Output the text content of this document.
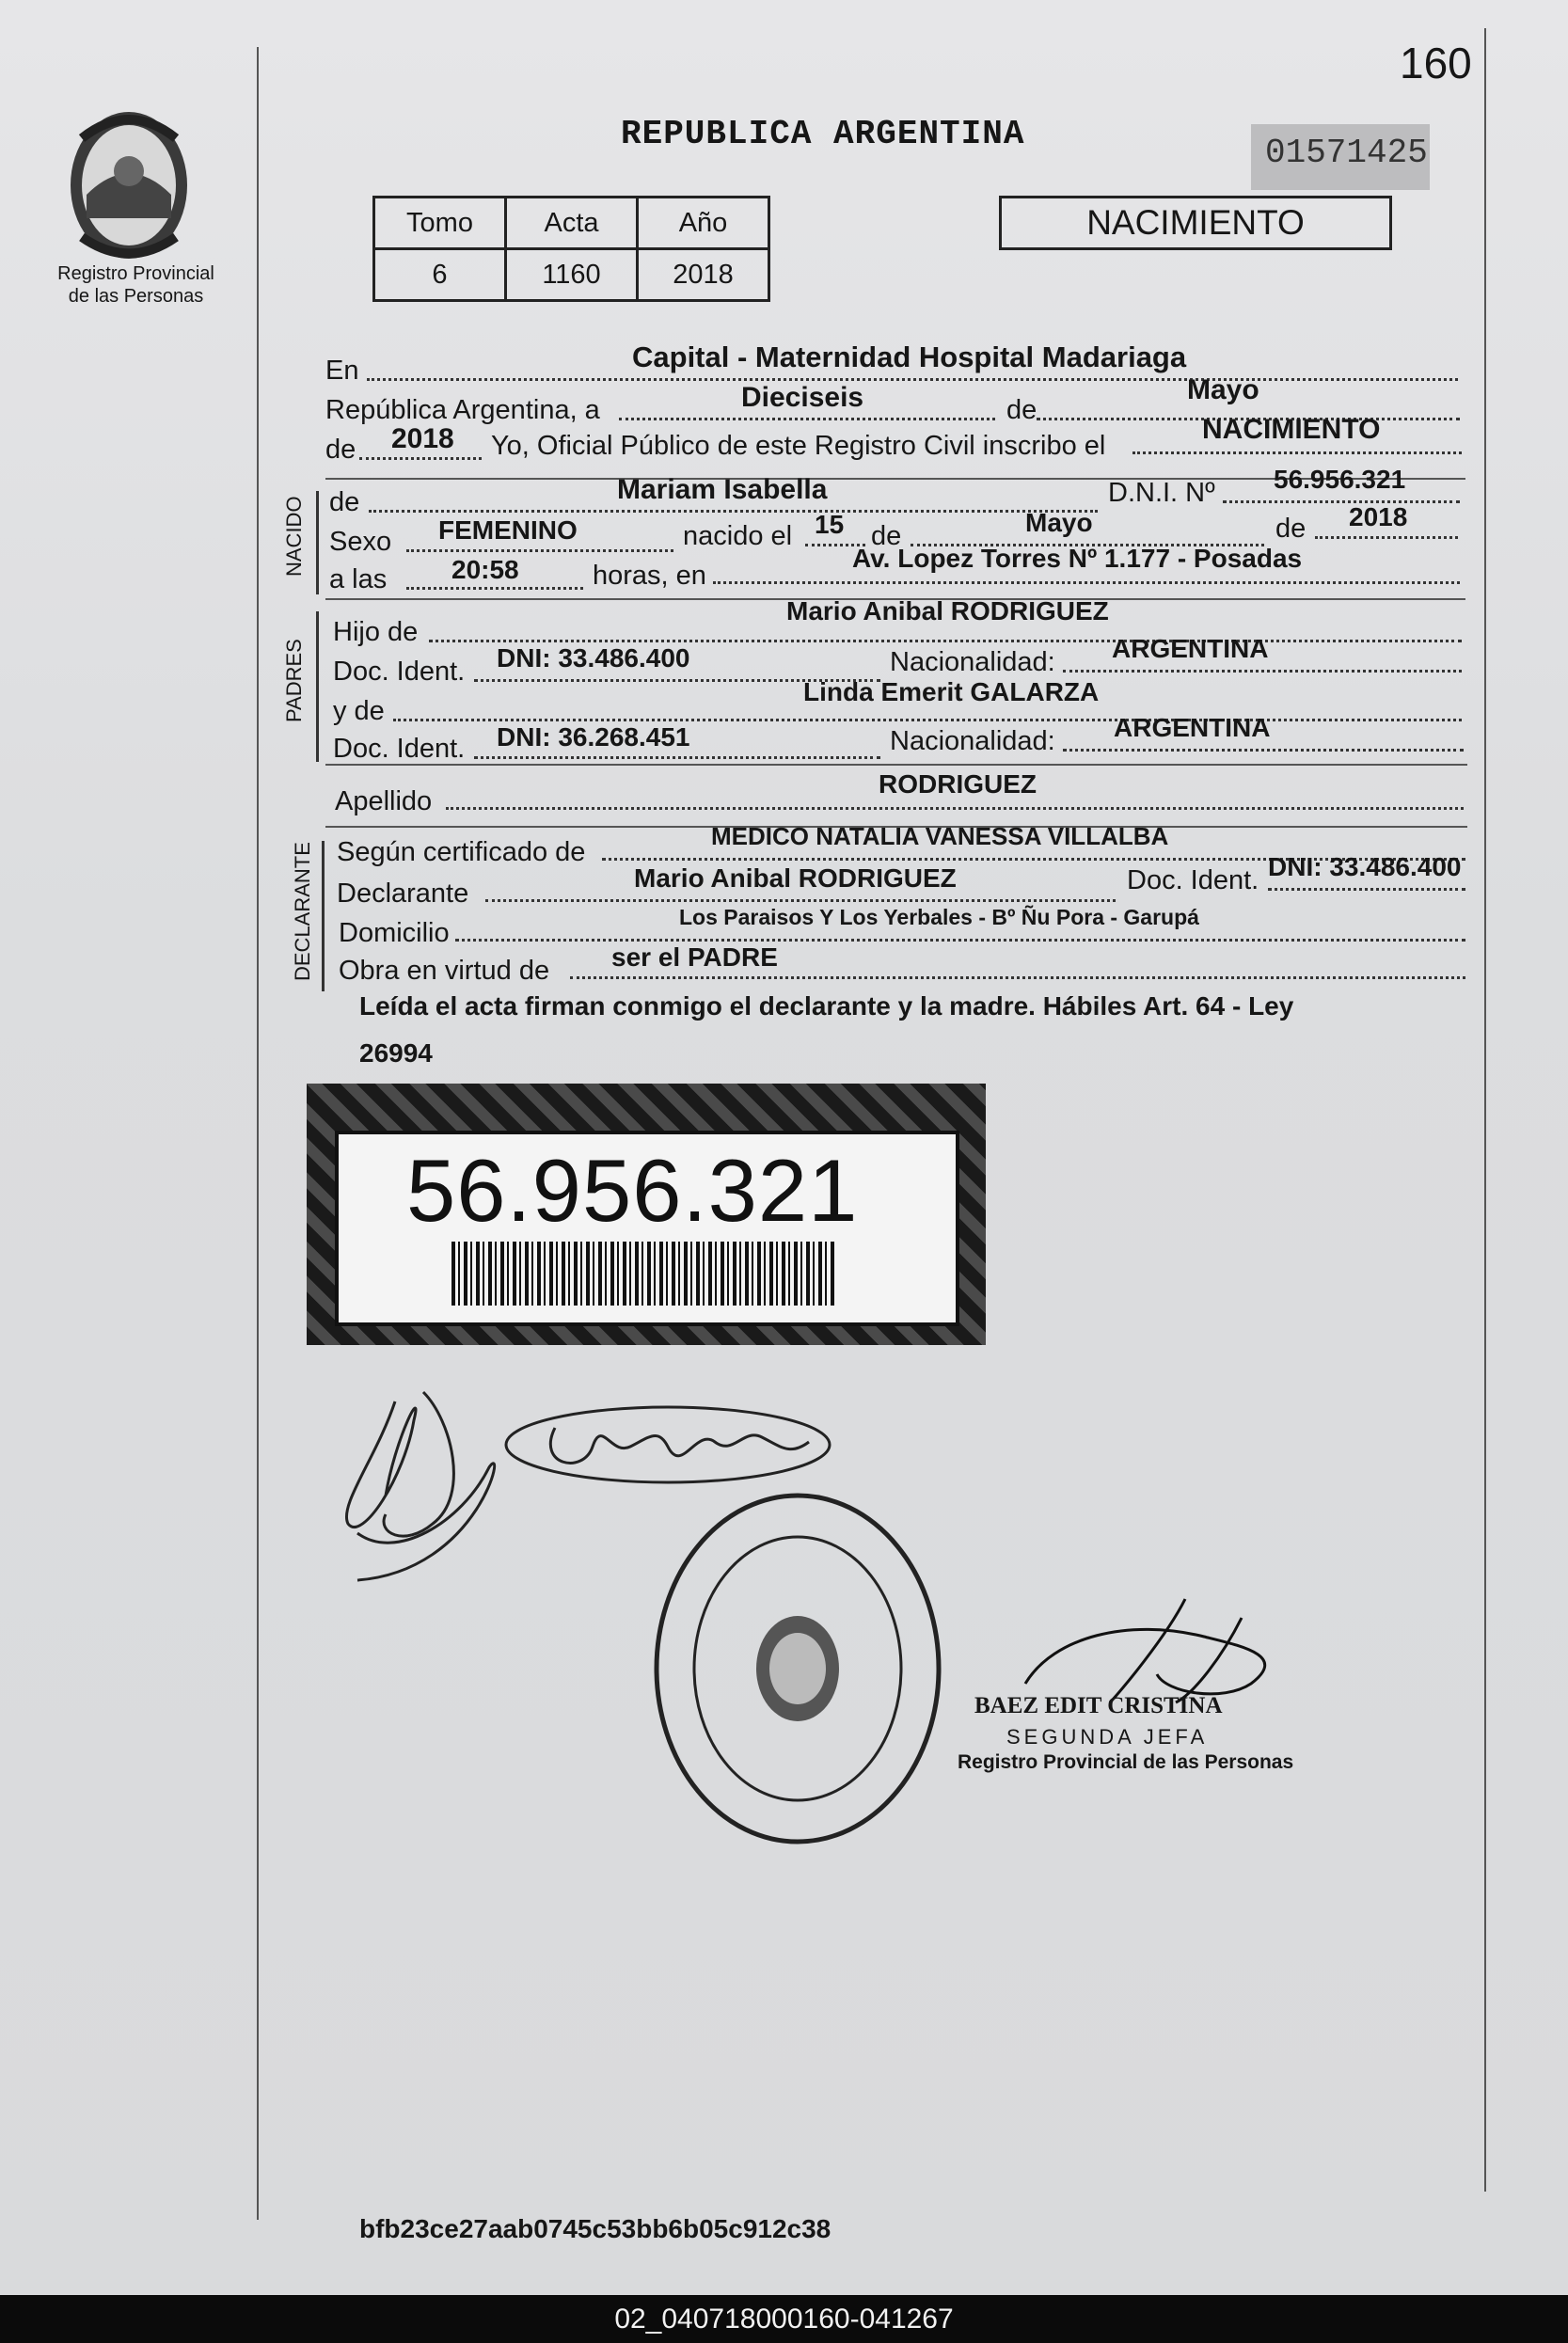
160
Registro Provincial
de las Personas
REPUBLICA ARGENTINA	01571425
Tomo	Acta	Año
6	1160	2018
NACIMIENTO
En	Capital - Maternidad Hospital Madariaga
República Argentina, a	Dieciseis	de
Mayo
de 2018 Yo, Oficial Público de este Registro Civil inscribo el
NACIMIENTO
NACIDO de	Mariam Isabella	D.N.I. Nº 56.956.321
Sexo FEMENINO	nacido el 15 de	Mayo	de 2018
a las 20:58	horas, en
Av. Lopez Torres Nº 1.177 - Posadas
PADRES
Hijo de
Mario Anibal RODRIGUEZ
Doc. Ident. DNI: 33.486.400	Nacionalidad: ARGENTINA
y de
Linda Emerit GALARZA
Doc. Ident. DNI: 36.268.451	Nacionalidad: ARGENTINA
Apellido
RODRIGUEZ
DECLARANTE Según certificado de
MEDICO NATALIA VANESSA VILLALBA
Declarante
Mario Anibal RODRIGUEZ	Doc. Ident. DNI: 33.486.400
Domicilio
Los Paraisos Y Los Yerbales - Bº Ñu Pora - Garupá
Obra en virtud de ser el PADRE
Leída el acta firman conmigo el declarante y la madre. Hábiles Art. 64 - Ley
26994
56.956.321
BAEZ EDIT CRISTINA
SEGUNDA JEFA
Registro Provincial de las Personas
bfb23ce27aab0745c53bb6b05c912c38
02_040718000160-041267
